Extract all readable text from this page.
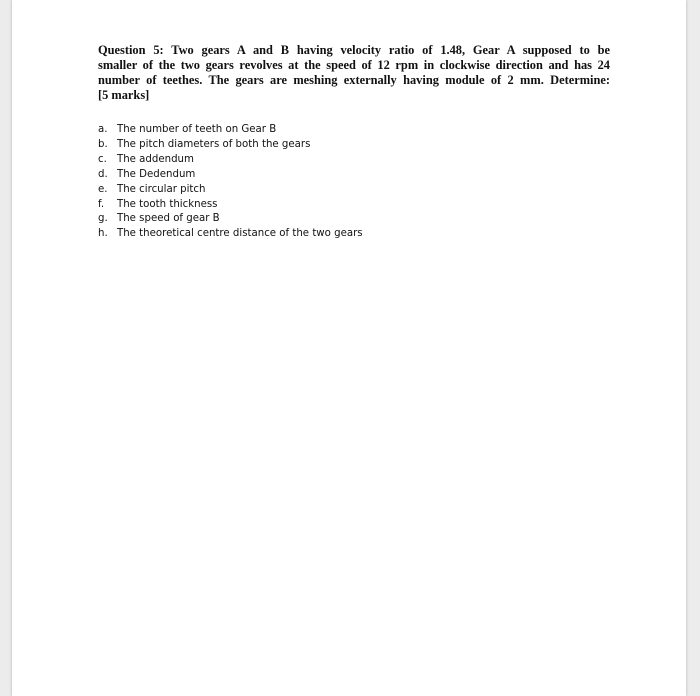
Question 5: Two gears A and B having velocity ratio of 1.48, Gear A supposed to be
smaller of the two gears revolves at the speed of 12 rpm in clockwise direction and has 24
number of teethes. The gears are meshing externally having module of 2 mm. Determine:
[5 marks]

a. The number of teeth on Gear B
b. The pitch diameters of both the gears
c. The addendum
d. The Dedendum
e. The circular pitch
f.	The tooth thickness
g. The speed of gear B
h. The theoretical centre distance of the two gears
